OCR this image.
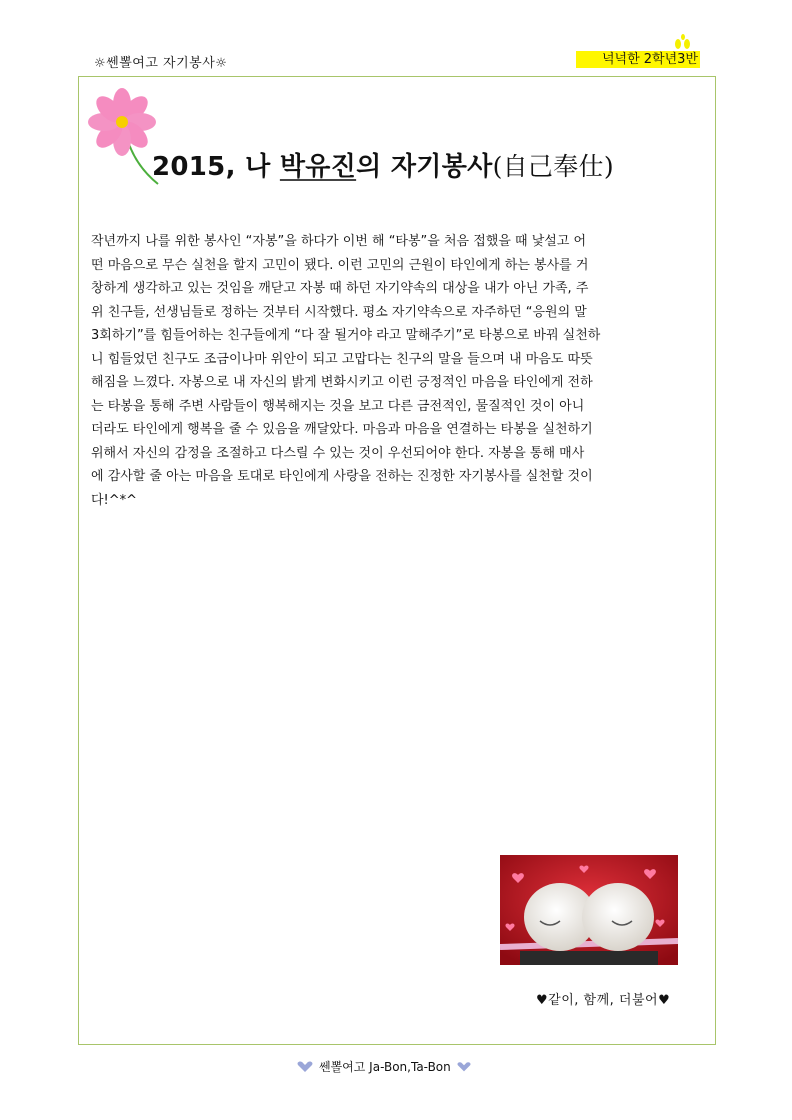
☼쎈뽈여고 자기봉사☼	넉넉한 2학년3반
2015, 나 박유진의 자기봉사(自己奉仕)

작년까지 나를 위한 봉사인 “자봉”을 하다가 이번 해 “타봉”을 처음 접했을 때 낯설고 어
떤 마음으로 무슨 실천을 할지 고민이 됐다. 이런 고민의 근원이 타인에게 하는 봉사를 거
창하게 생각하고 있는 것임을 깨닫고 자봉 때 하던 자기약속의 대상을 내가 아닌 가족, 주
위 친구들, 선생님들로 정하는 것부터 시작했다. 평소 자기약속으로 자주하던 “응원의 말
3회하기”를 힘들어하는 친구들에게 “다 잘 될거야 라고 말해주기”로 타봉으로 바꿔 실천하
니 힘들었던 친구도 조금이나마 위안이 되고 고맙다는 친구의 말을 들으며 내 마음도 따뜻
해짐을 느꼈다. 자봉으로 내 자신의 밝게 변화시키고 이런 긍정적인 마음을 타인에게 전하
는 타봉을 통해 주변 사람들이 행복해지는 것을 보고 다른 금전적인, 물질적인 것이 아니
더라도 타인에게 행복을 줄 수 있음을 깨달았다. 마음과 마음을 연결하는 타봉을 실천하기
위해서 자신의 감정을 조절하고 다스릴 수 있는 것이 우선되어야 한다. 자봉을 통해 매사
에 감사할 줄 아는 마음을 토대로 타인에게 사랑을 전하는 진정한 자기봉사를 실천할 것이
다!^*^

♥같이, 함께, 더불어♥
쎈뽈여고 Ja-Bon,Ta-Bon
